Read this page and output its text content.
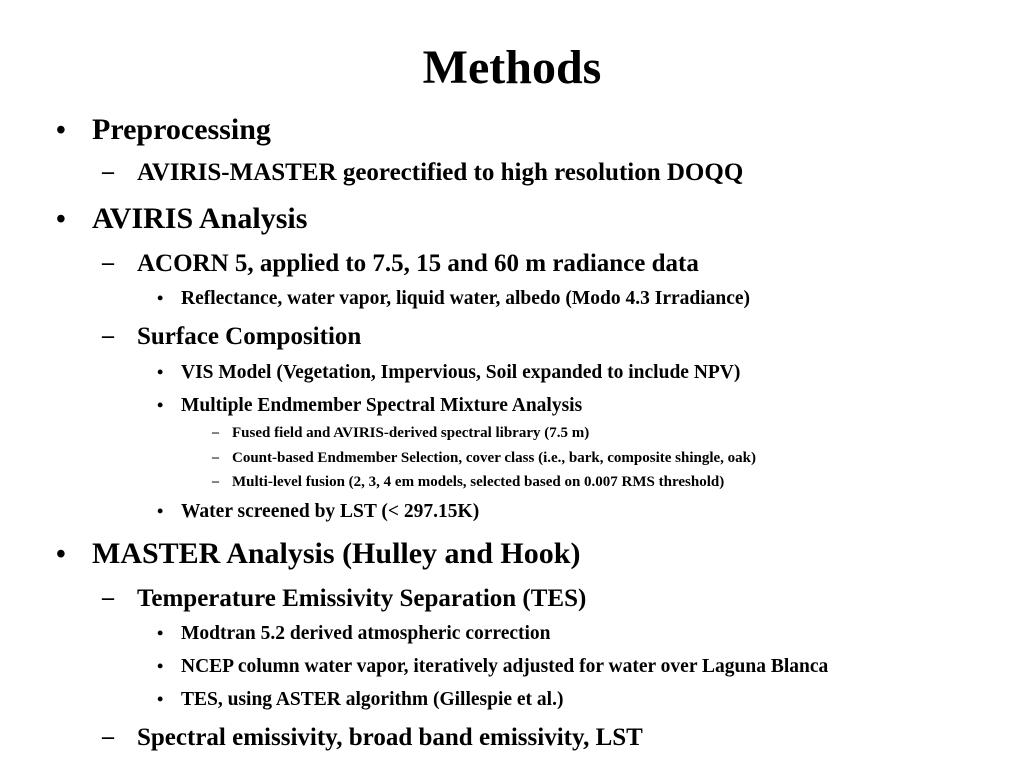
Methods
• Preprocessing
– AVIRIS-MASTER georectified to high resolution DOQQ
• AVIRIS Analysis
– ACORN 5, applied to 7.5, 15 and 60 m radiance data
• Reflectance, water vapor, liquid water, albedo (Modo 4.3 Irradiance)
– Surface Composition
• VIS Model (Vegetation, Impervious, Soil expanded to include NPV)
• Multiple Endmember Spectral Mixture Analysis
– Fused field and AVIRIS-derived spectral library (7.5 m)
– Count-based Endmember Selection, cover class (i.e., bark, composite shingle, oak)
– Multi-level fusion (2, 3, 4 em models, selected based on 0.007 RMS threshold)
• Water screened by LST (< 297.15K)
• MASTER Analysis (Hulley and Hook)
– Temperature Emissivity Separation (TES)
• Modtran 5.2 derived atmospheric correction
• NCEP column water vapor, iteratively adjusted for water over Laguna Blanca
• TES, using ASTER algorithm (Gillespie et al.)
– Spectral emissivity, broad band emissivity, LST
